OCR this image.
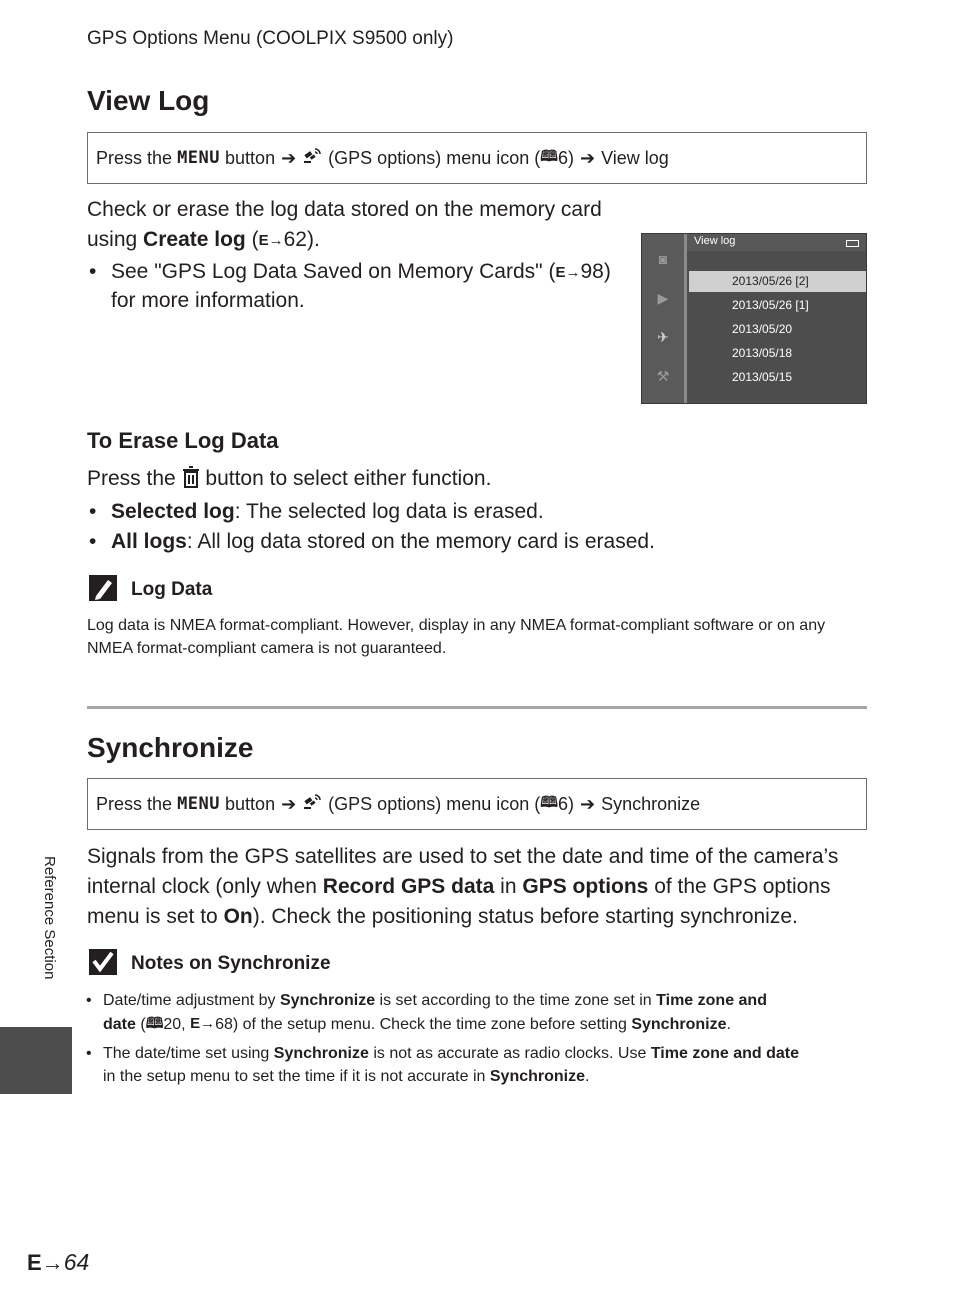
GPS Options Menu (COOLPIX S9500 only)
View Log
Press the
MENU
button ➔ (GPS options) menu icon ( 🕮 6) ➔ View log
Check or erase the log data stored on the memory card
using Create log (E→62).
• See "GPS Log Data Saved on Memory Cards" (E→98)
for more information.
◙
▶
✈
⚒
View log
2013/05/26 [2]
2013/05/26 [1]
2013/05/20
2013/05/18
2013/05/15
To Erase Log Data
Press the button to select either function.
• Selected log: The selected log data is erased.
• All logs: All log data stored on the memory card is erased.
Log Data
Log data is NMEA format-compliant. However, display in any NMEA format-compliant software or on any NMEA format-compliant camera is not guaranteed.
Synchronize
Press the
MENU
button ➔ (GPS options) menu icon ( 🕮 6) ➔ Synchronize
Signals from the GPS satellites are used to set the date and time of the camera’s
internal clock (only when Record GPS data in GPS options of the GPS options
menu is set to On). Check the positioning status before starting synchronize.
Notes on Synchronize
• Date/time adjustment by Synchronize is set according to the time zone set in Time zone and
date (🕮20, E→68) of the setup menu. Check the time zone before setting Synchronize.
• The date/time set using Synchronize is not as accurate as radio clocks. Use Time zone and date
in the setup menu to set the time if it is not accurate in Synchronize.
Reference Section
E→64
